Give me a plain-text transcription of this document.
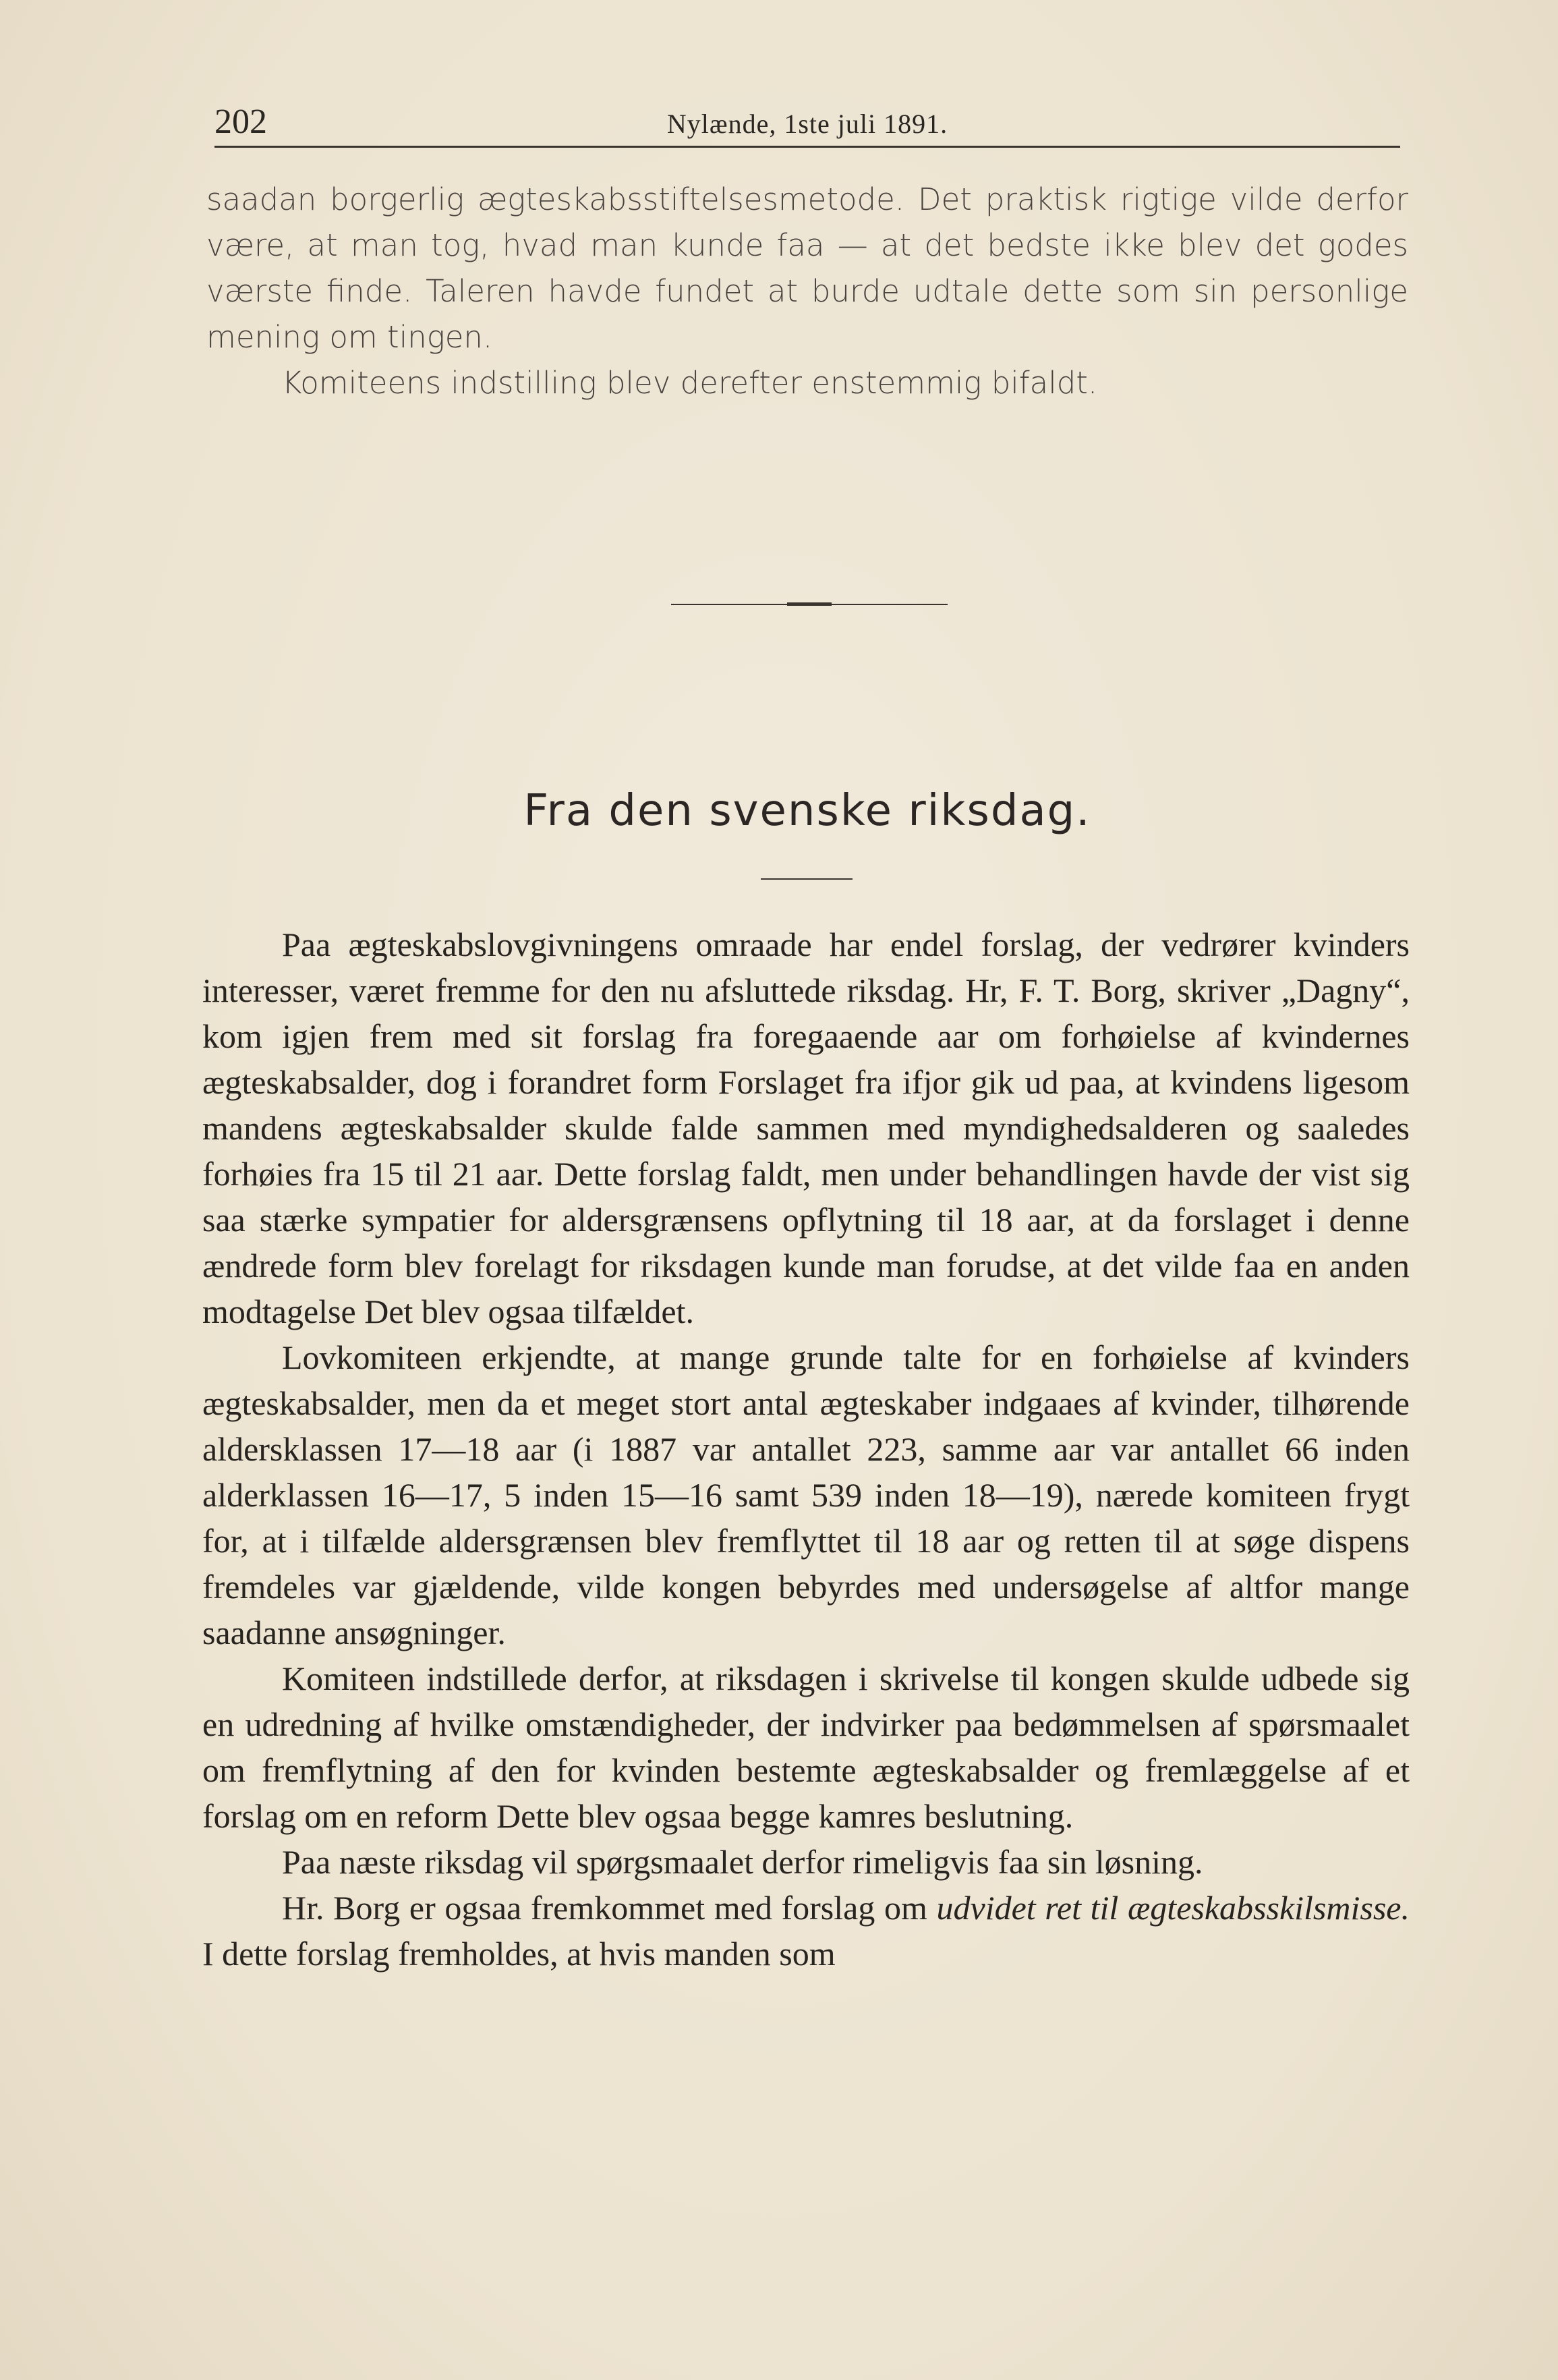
202	Nylænde, 1ste juli 1891.

saadan borgerlig ægteskabsstiftelsesmetode. Det praktisk rigtige vilde derfor være, at man tog, hvad man kunde faa — at det bedste ikke blev det godes værste finde. Taleren havde fundet at burde udtale dette som sin personlige mening om tingen.

Komiteens indstilling blev derefter enstemmig bifaldt.

Fra den svenske riksdag.

Paa ægteskabslovgivningens omraade har endel forslag, der vedrører kvinders interesser, været fremme for den nu afsluttede riksdag. Hr, F. T. Borg, skriver „Dagny“, kom igjen frem med sit forslag fra foregaaende aar om forhøielse af kvindernes ægteskabsalder, dog i forandret form Forslaget fra ifjor gik ud paa, at kvindens ligesom mandens ægteskabsalder skulde falde sammen med myndighedsalderen og saaledes forhøies fra 15 til 21 aar. Dette forslag faldt, men under behandlingen havde der vist sig saa stærke sympatier for aldersgrænsens opflytning til 18 aar, at da forslaget i denne ændrede form blev forelagt for riksdagen kunde man forudse, at det vilde faa en anden modtagelse Det blev ogsaa tilfældet.

Lovkomiteen erkjendte, at mange grunde talte for en forhøielse af kvinders ægteskabsalder, men da et meget stort antal ægteskaber indgaaes af kvinder, tilhørende aldersklassen 17—18 aar (i 1887 var antallet 223, samme aar var antallet 66 inden alderklassen 16—17, 5 inden 15—16 samt 539 inden 18—19), nærede komiteen frygt for, at i tilfælde aldersgrænsen blev fremflyttet til 18 aar og retten til at søge dispens fremdeles var gjældende, vilde kongen bebyrdes med undersøgelse af altfor mange saadanne ansøgninger.

Komiteen indstillede derfor, at riksdagen i skrivelse til kongen skulde udbede sig en udredning af hvilke omstændigheder, der indvirker paa bedømmelsen af spørsmaalet om fremflytning af den for kvinden bestemte ægteskabsalder og fremlæggelse af et forslag om en reform Dette blev ogsaa begge kamres beslutning.

Paa næste riksdag vil spørgsmaalet derfor rimeligvis faa sin løsning.

Hr. Borg er ogsaa fremkommet med forslag om udvidet ret til ægteskabsskilsmisse. I dette forslag fremholdes, at hvis manden som
